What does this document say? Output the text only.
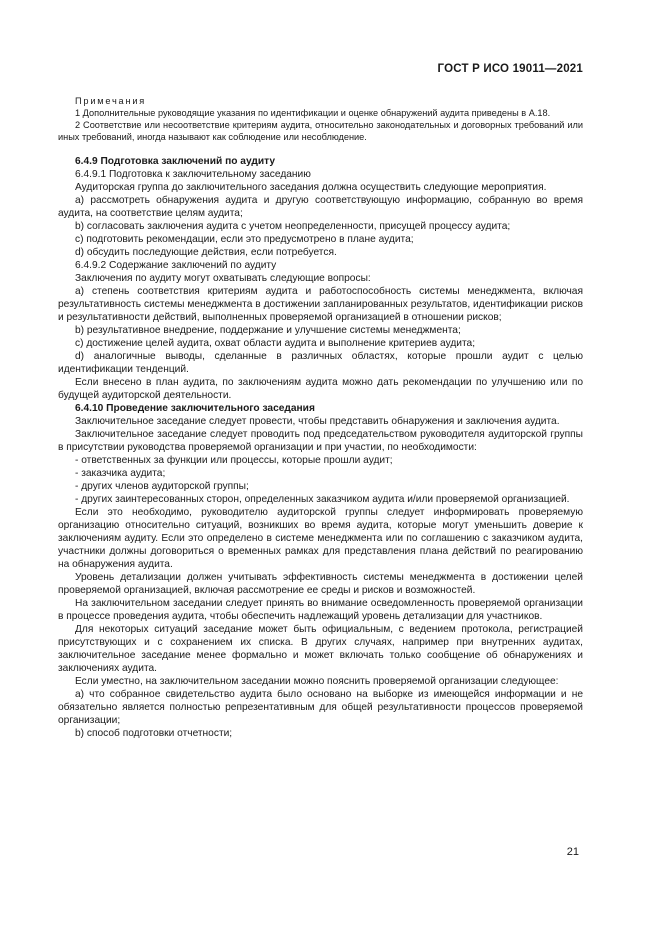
ГОСТ Р ИСО 19011—2021

Примечания

1 Дополнительные руководящие указания по идентификации и оценке обнаружений аудита приведены в А.18.

2 Соответствие или несоответствие критериям аудита, относительно законодательных и договорных требований или иных требований, иногда называют как соблюдение или несоблюдение.

6.4.9 Подготовка заключений по аудиту

6.4.9.1 Подготовка к заключительному заседанию

Аудиторская группа до заключительного заседания должна осуществить следующие мероприятия.

a) рассмотреть обнаружения аудита и другую соответствующую информацию, собранную во время аудита, на соответствие целям аудита;

b) согласовать заключения аудита с учетом неопределенности, присущей процессу аудита;

c) подготовить рекомендации, если это предусмотрено в плане аудита;

d) обсудить последующие действия, если потребуется.

6.4.9.2 Содержание заключений по аудиту

Заключения по аудиту могут охватывать следующие вопросы:

a) степень соответствия критериям аудита и работоспособность системы менеджмента, включая результативность системы менеджмента в достижении запланированных результатов, идентификации рисков и результативности действий, выполненных проверяемой организацией в отношении рисков;

b) результативное внедрение, поддержание и улучшение системы менеджмента;

c) достижение целей аудита, охват области аудита и выполнение критериев аудита;

d) аналогичные выводы, сделанные в различных областях, которые прошли аудит с целью идентификации тенденций.

Если внесено в план аудита, по заключениям аудита можно дать рекомендации по улучшению или по будущей аудиторской деятельности.

6.4.10 Проведение заключительного заседания

Заключительное заседание следует провести, чтобы представить обнаружения и заключения аудита.

Заключительное заседание следует проводить под председательством руководителя аудиторской группы в присутствии руководства проверяемой организации и при участии, по необходимости:

- ответственных за функции или процессы, которые прошли аудит;

- заказчика аудита;

- других членов аудиторской группы;

- других заинтересованных сторон, определенных заказчиком аудита и/или проверяемой организацией.

Если это необходимо, руководителю аудиторской группы следует информировать проверяемую организацию относительно ситуаций, возникших во время аудита, которые могут уменьшить доверие к заключениям аудиту. Если это определено в системе менеджмента или по соглашению с заказчиком аудита, участники должны договориться о временных рамках для представления плана действий по реагированию на обнаружения аудита.

Уровень детализации должен учитывать эффективность системы менеджмента в достижении целей проверяемой организацией, включая рассмотрение ее среды и рисков и возможностей.

На заключительном заседании следует принять во внимание осведомленность проверяемой организации в процессе проведения аудита, чтобы обеспечить надлежащий уровень детализации для участников.

Для некоторых ситуаций заседание может быть официальным, с ведением протокола, регистрацией присутствующих и с сохранением их списка. В других случаях, например при внутренних аудитах, заключительное заседание менее формально и может включать только сообщение об обнаружениях и заключениях аудита.

Если уместно, на заключительном заседании можно пояснить проверяемой организации следующее:

a) что собранное свидетельство аудита было основано на выборке из имеющейся информации и не обязательно является полностью репрезентативным для общей результативности процессов проверяемой организации;

b) способ подготовки отчетности;

21
